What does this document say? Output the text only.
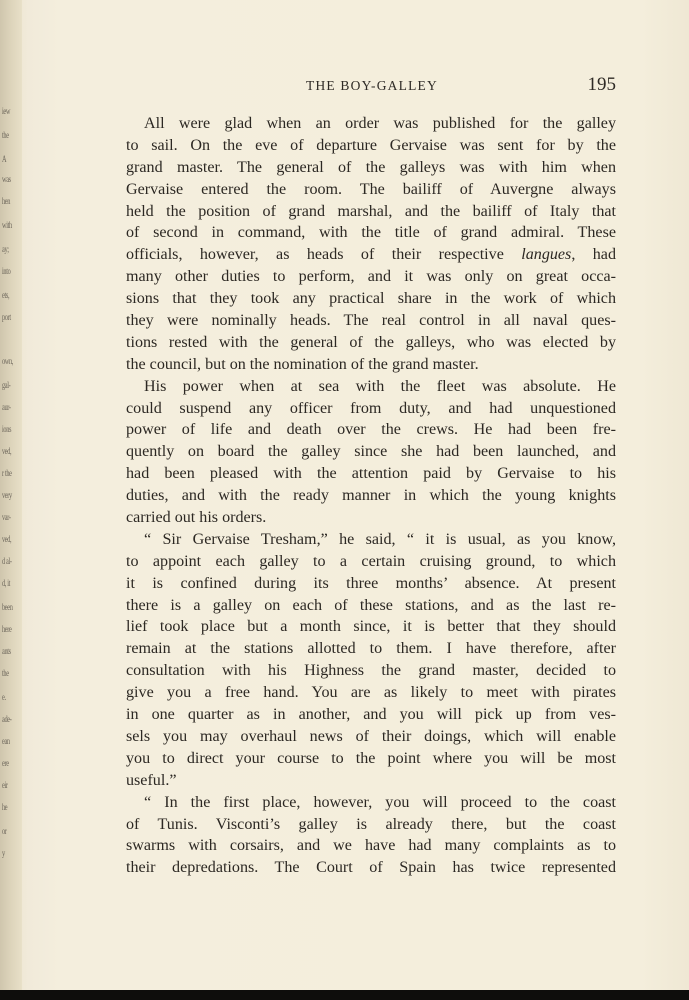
iew
the
A
was
hen
with
ay;
into
ets,
port
own,
gal-
aur-
ions
ved,
r the
very
var-
ved,
d al-
d, it
been
here
ants
the
e.
ade-
ean
ere
eir
he
or
y
THE BOY-GALLEY	195
All were glad when an order was published for the galley
to sail. On the eve of departure Gervaise was sent for by the
grand master. The general of the galleys was with him when
Gervaise entered the room. The bailiff of Auvergne always
held the position of grand marshal, and the bailiff of Italy that
of second in command, with the title of grand admiral. These
officials, however, as heads of their respective langues, had
many other duties to perform, and it was only on great occa-
sions that they took any practical share in the work of which
they were nominally heads. The real control in all naval ques-
tions rested with the general of the galleys, who was elected by
the council, but on the nomination of the grand master.
His power when at sea with the fleet was absolute. He
could suspend any officer from duty, and had unquestioned
power of life and death over the crews. He had been fre-
quently on board the galley since she had been launched, and
had been pleased with the attention paid by Gervaise to his
duties, and with the ready manner in which the young knights
carried out his orders.
“ Sir Gervaise Tresham,” he said, “ it is usual, as you know,
to appoint each galley to a certain cruising ground, to which
it is confined during its three months’ absence. At present
there is a galley on each of these stations, and as the last re-
lief took place but a month since, it is better that they should
remain at the stations allotted to them. I have therefore, after
consultation with his Highness the grand master, decided to
give you a free hand. You are as likely to meet with pirates
in one quarter as in another, and you will pick up from ves-
sels you may overhaul news of their doings, which will enable
you to direct your course to the point where you will be most
useful.”
“ In the first place, however, you will proceed to the coast
of Tunis. Visconti’s galley is already there, but the coast
swarms with corsairs, and we have had many complaints as to
their depredations. The Court of Spain has twice represented
